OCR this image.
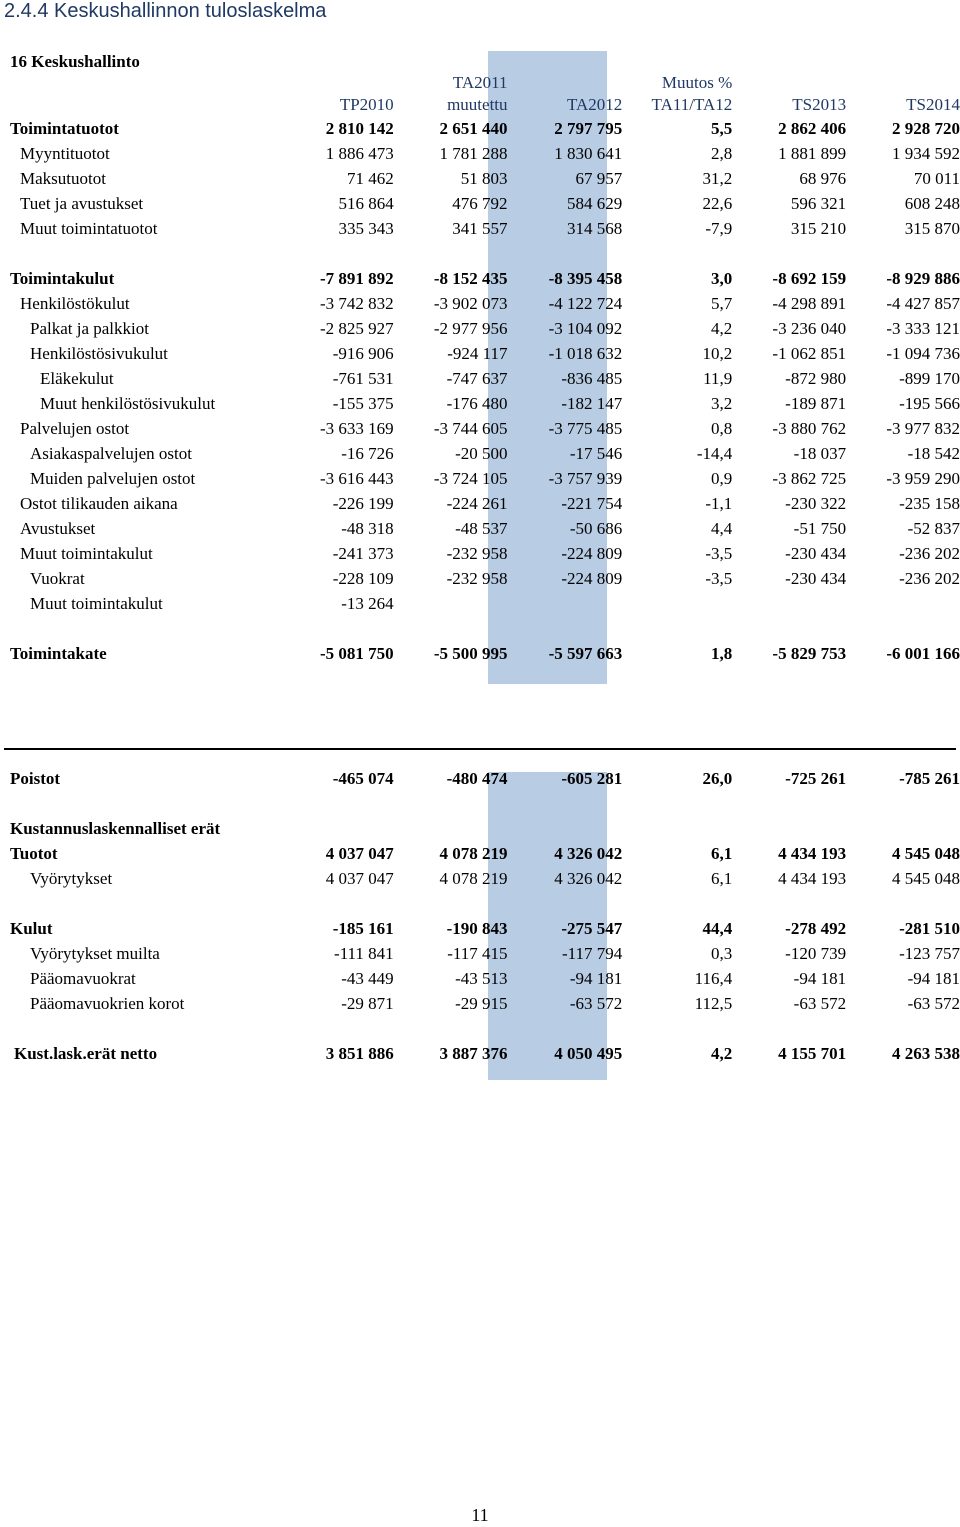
2.4.4 Keskushallinnon tuloslaskelma
16 Keskushallinto
		TA2011		Muutos %		
	TP2010	muutettu	TA2012	TA11/TA12	TS2013	TS2014
Toimintatuotot	2 810 142	2 651 440	2 797 795	5,5	2 862 406	2 928 720
Myyntituotot	1 886 473	1 781 288	1 830 641	2,8	1 881 899	1 934 592
Maksutuotot	71 462	51 803	67 957	31,2	68 976	70 011
Tuet ja avustukset	516 864	476 792	584 629	22,6	596 321	608 248
Muut toimintatuotot	335 343	341 557	314 568	-7,9	315 210	315 870

Toimintakulut	-7 891 892	-8 152 435	-8 395 458	3,0	-8 692 159	-8 929 886
Henkilöstökulut	-3 742 832	-3 902 073	-4 122 724	5,7	-4 298 891	-4 427 857
Palkat ja palkkiot	-2 825 927	-2 977 956	-3 104 092	4,2	-3 236 040	-3 333 121
Henkilöstösivukulut	-916 906	-924 117	-1 018 632	10,2	-1 062 851	-1 094 736
Eläkekulut	-761 531	-747 637	-836 485	11,9	-872 980	-899 170
Muut henkilöstösivukulut	-155 375	-176 480	-182 147	3,2	-189 871	-195 566
Palvelujen ostot	-3 633 169	-3 744 605	-3 775 485	0,8	-3 880 762	-3 977 832
Asiakaspalvelujen ostot	-16 726	-20 500	-17 546	-14,4	-18 037	-18 542
Muiden palvelujen ostot	-3 616 443	-3 724 105	-3 757 939	0,9	-3 862 725	-3 959 290
Ostot tilikauden aikana	-226 199	-224 261	-221 754	-1,1	-230 322	-235 158
Avustukset	-48 318	-48 537	-50 686	4,4	-51 750	-52 837
Muut toimintakulut	-241 373	-232 958	-224 809	-3,5	-230 434	-236 202
Vuokrat	-228 109	-232 958	-224 809	-3,5	-230 434	-236 202
Muut toimintakulut	-13 264					

Toimintakate	-5 081 750	-5 500 995	-5 597 663	1,8	-5 829 753	-6 001 166

Poistot	-465 074	-480 474	-605 281	26,0	-725 261	-785 261

Kustannuslaskennalliset erät						
Tuotot	4 037 047	4 078 219	4 326 042	6,1	4 434 193	4 545 048
Vyörytykset	4 037 047	4 078 219	4 326 042	6,1	4 434 193	4 545 048

Kulut	-185 161	-190 843	-275 547	44,4	-278 492	-281 510
Vyörytykset muilta	-111 841	-117 415	-117 794	0,3	-120 739	-123 757
Pääomavuokrat	-43 449	-43 513	-94 181	116,4	-94 181	-94 181
Pääomavuokrien korot	-29 871	-29 915	-63 572	112,5	-63 572	-63 572

Kust.lask.erät netto	3 851 886	3 887 376	4 050 495	4,2	4 155 701	4 263 538
11
